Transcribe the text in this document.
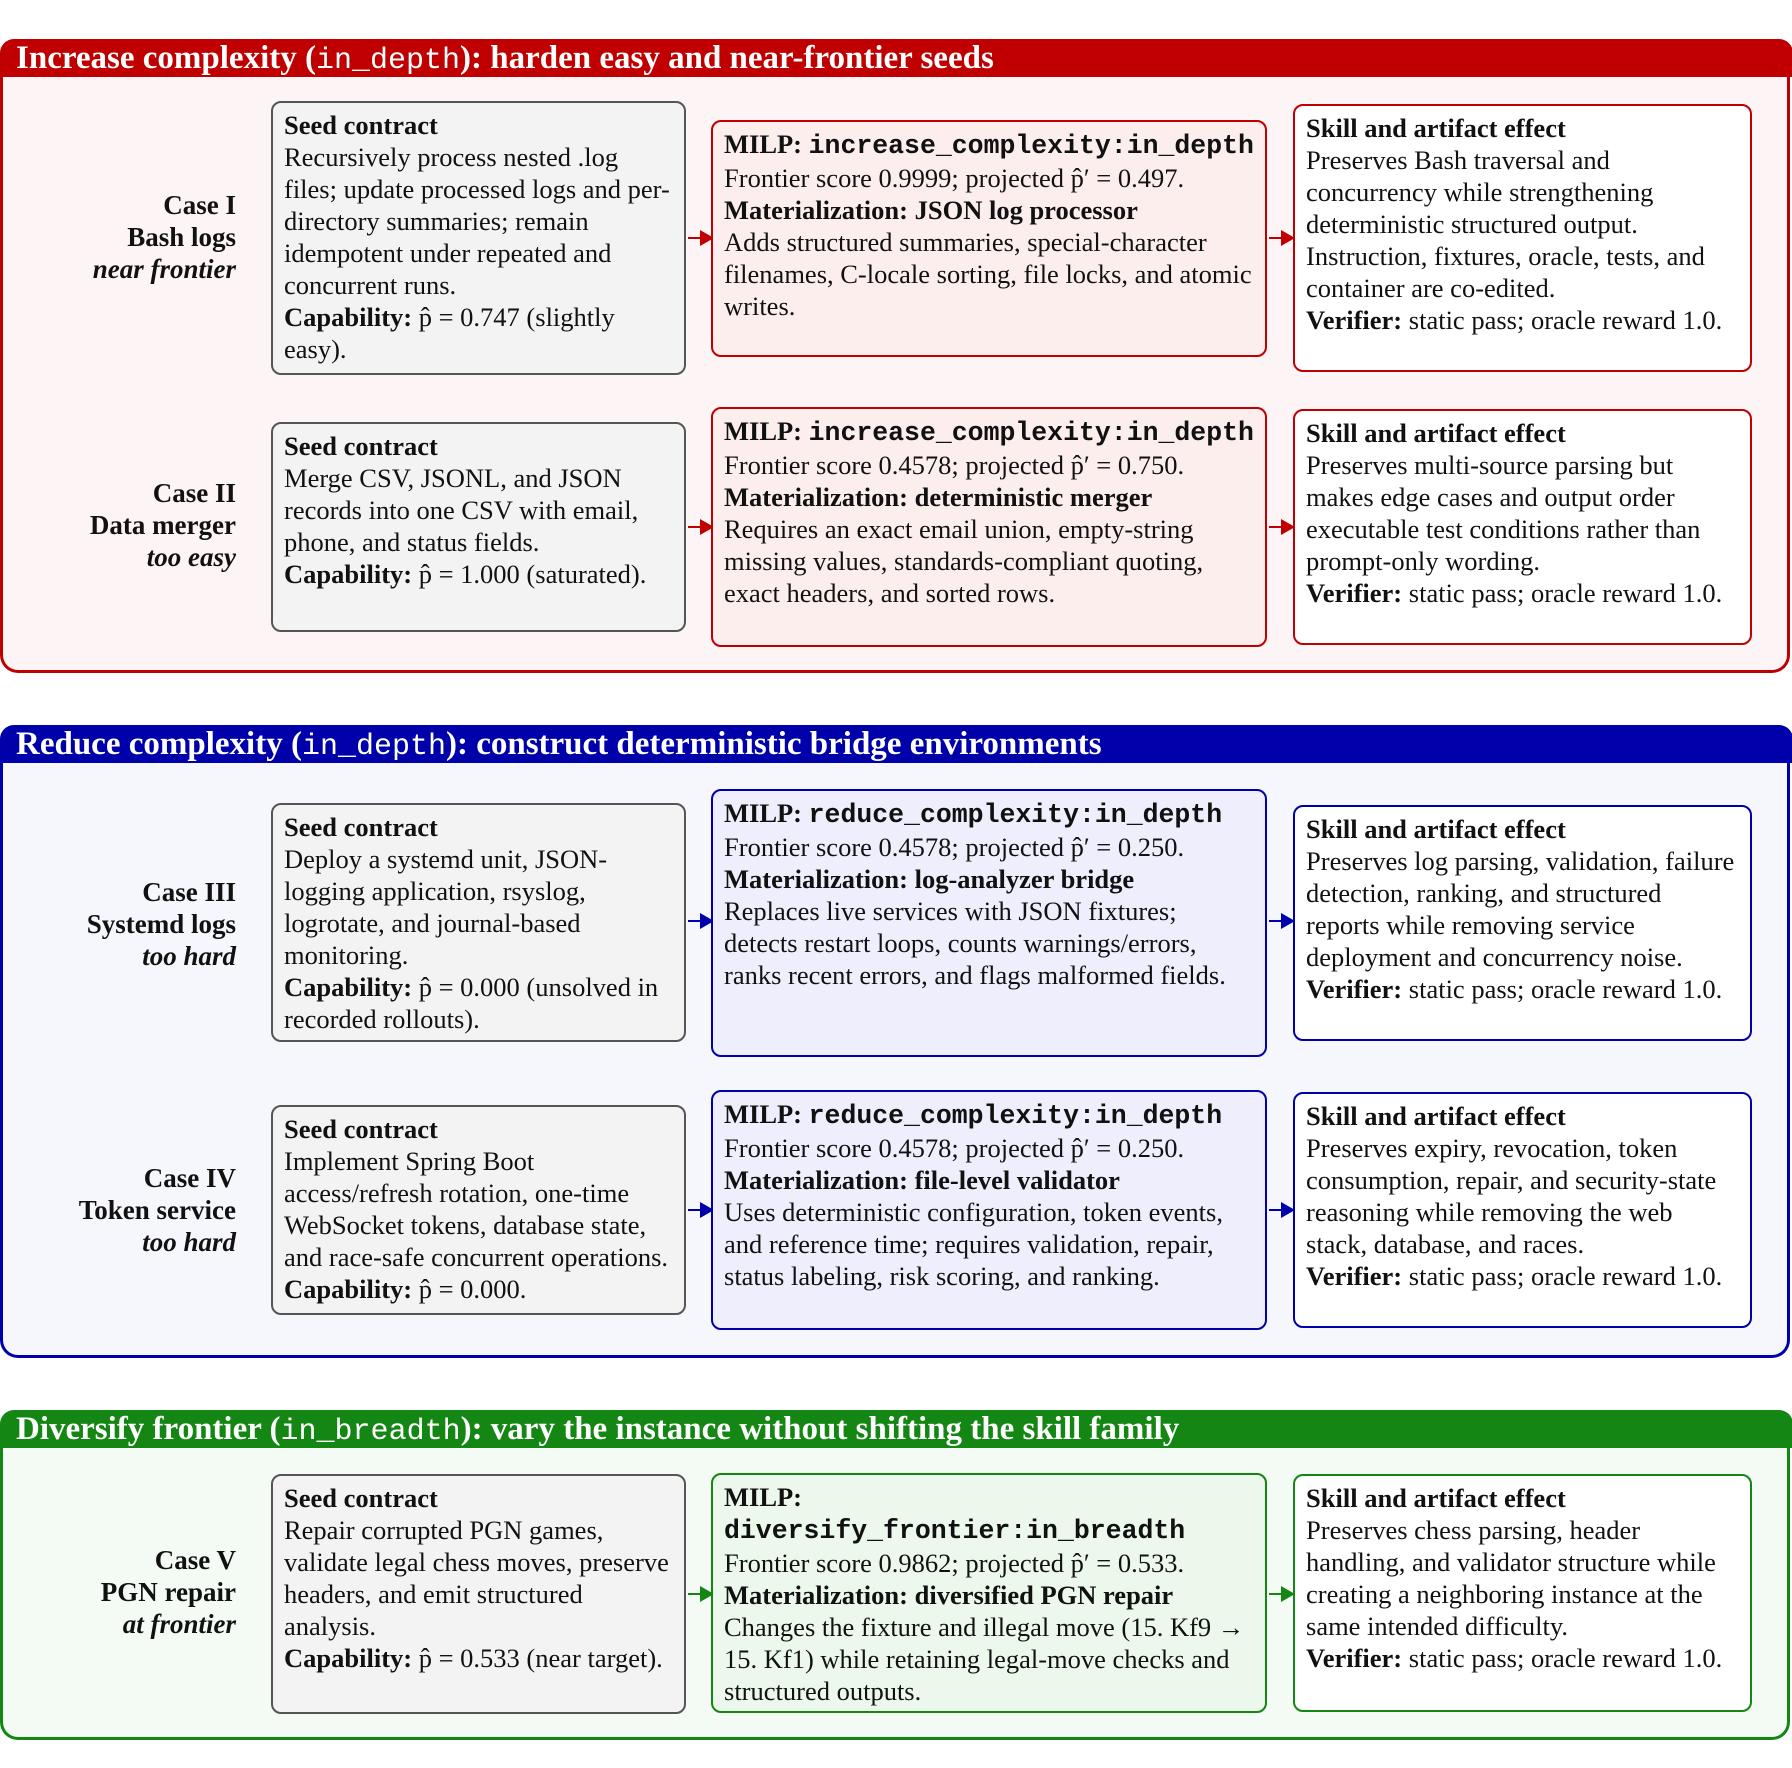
Increase complexity (in_depth): harden easy and near-frontier seeds
Case I
Bash logs
near frontier
Seed contract
Recursively process nested .log files; update processed logs and per-directory summaries; remain idempotent under repeated and concurrent runs.
Capability: p̂ = 0.747 (slightly easy).
MILP: increase_complexity:in_depth
Frontier score 0.9999; projected p̂′ = 0.497.
Materialization: JSON log processor
Adds structured summaries, special-character filenames, C-locale sorting, file locks, and atomic writes.
Skill and artifact effect
Preserves Bash traversal and concurrency while strengthening deterministic structured output. Instruction, fixtures, oracle, tests, and container are co-edited.
Verifier: static pass; oracle reward 1.0.
Case II
Data merger
too easy
Seed contract
Merge CSV, JSONL, and JSON records into one CSV with email, phone, and status fields.
Capability: p̂ = 1.000 (saturated).
MILP: increase_complexity:in_depth
Frontier score 0.4578; projected p̂′ = 0.750.
Materialization: deterministic merger
Requires an exact email union, empty-string missing values, standards-compliant quoting, exact headers, and sorted rows.
Skill and artifact effect
Preserves multi-source parsing but makes edge cases and output order executable test conditions rather than prompt-only wording.
Verifier: static pass; oracle reward 1.0.
Reduce complexity (in_depth): construct deterministic bridge environments
Case III
Systemd logs
too hard
Seed contract
Deploy a systemd unit, JSON-logging application, rsyslog, logrotate, and journal-based monitoring.
Capability: p̂ = 0.000 (unsolved in recorded rollouts).
MILP: reduce_complexity:in_depth
Frontier score 0.4578; projected p̂′ = 0.250.
Materialization: log-analyzer bridge
Replaces live services with JSON fixtures; detects restart loops, counts warnings/errors, ranks recent errors, and flags malformed fields.
Skill and artifact effect
Preserves log parsing, validation, failure detection, ranking, and structured reports while removing service deployment and concurrency noise.
Verifier: static pass; oracle reward 1.0.
Case IV
Token service
too hard
Seed contract
Implement Spring Boot access/refresh rotation, one-time WebSocket tokens, database state, and race-safe concurrent operations.
Capability: p̂ = 0.000.
MILP: reduce_complexity:in_depth
Frontier score 0.4578; projected p̂′ = 0.250.
Materialization: file-level validator
Uses deterministic configuration, token events, and reference time; requires validation, repair, status labeling, risk scoring, and ranking.
Skill and artifact effect
Preserves expiry, revocation, token consumption, repair, and security-state reasoning while removing the web stack, database, and races.
Verifier: static pass; oracle reward 1.0.
Diversify frontier (in_breadth): vary the instance without shifting the skill family
Case V
PGN repair
at frontier
Seed contract
Repair corrupted PGN games, validate legal chess moves, preserve headers, and emit structured analysis.
Capability: p̂ = 0.533 (near target).
MILP: diversify_frontier:in_breadth
Frontier score 0.9862; projected p̂′ = 0.533.
Materialization: diversified PGN repair
Changes the fixture and illegal move (15. Kf9 → 15. Kf1) while retaining legal-move checks and structured outputs.
Skill and artifact effect
Preserves chess parsing, header handling, and validator structure while creating a neighboring instance at the same intended difficulty.
Verifier: static pass; oracle reward 1.0.
